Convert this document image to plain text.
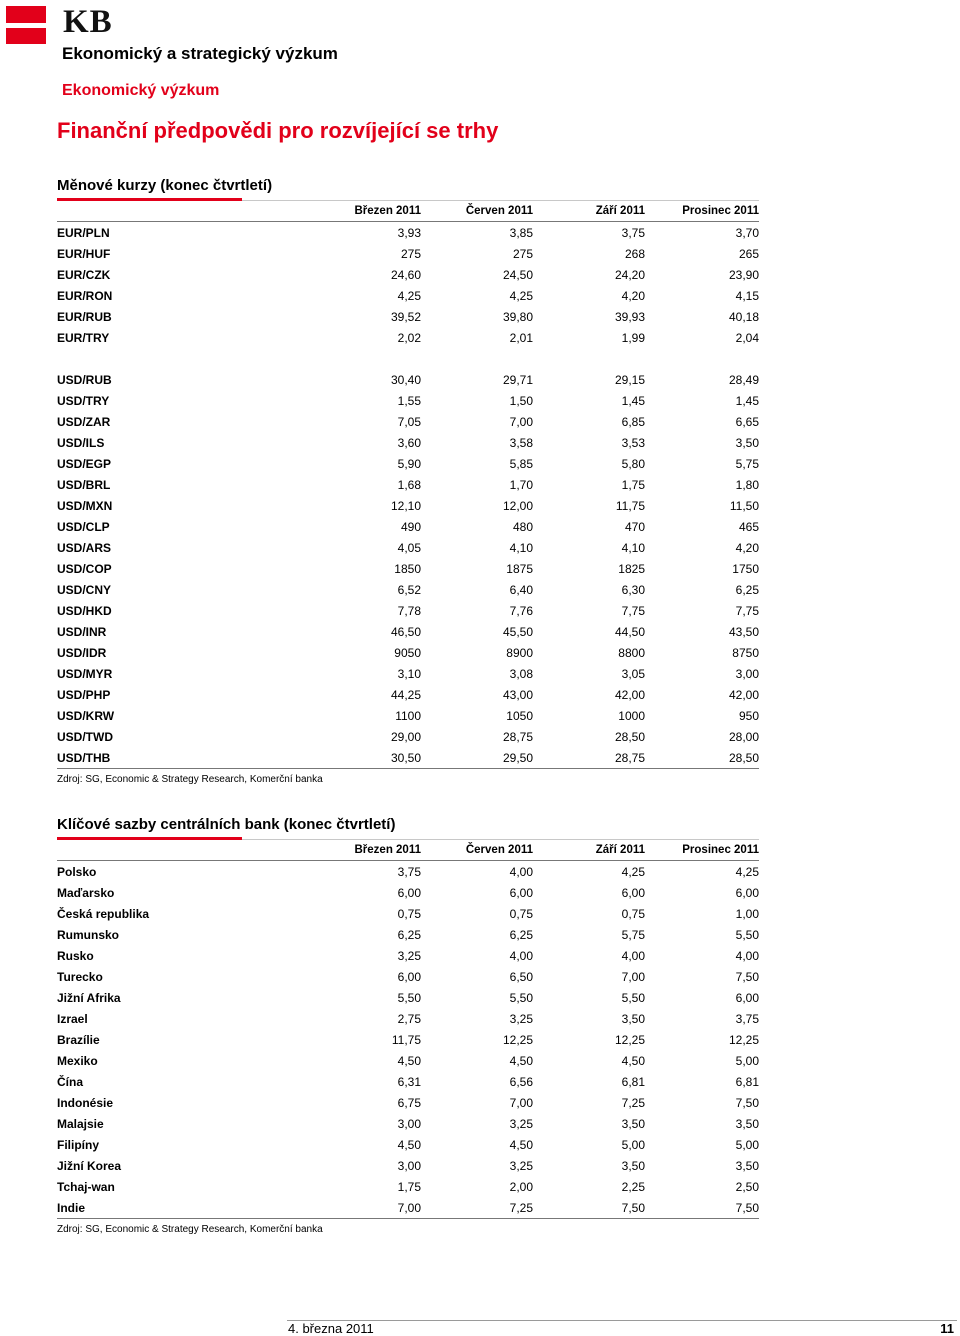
KB
Ekonomický a strategický výzkum
Ekonomický výzkum
Finanční předpovědi pro rozvíjející se trhy
Měnové kurzy (konec čtvrtletí)
	Březen 2011	Červen 2011	Září 2011	Prosinec 2011
EUR/PLN	3,93	3,85	3,75	3,70
EUR/HUF	275	275	268	265
EUR/CZK	24,60	24,50	24,20	23,90
EUR/RON	4,25	4,25	4,20	4,15
EUR/RUB	39,52	39,80	39,93	40,18
EUR/TRY	2,02	2,01	1,99	2,04

USD/RUB	30,40	29,71	29,15	28,49
USD/TRY	1,55	1,50	1,45	1,45
USD/ZAR	7,05	7,00	6,85	6,65
USD/ILS	3,60	3,58	3,53	3,50
USD/EGP	5,90	5,85	5,80	5,75
USD/BRL	1,68	1,70	1,75	1,80
USD/MXN	12,10	12,00	11,75	11,50
USD/CLP	490	480	470	465
USD/ARS	4,05	4,10	4,10	4,20
USD/COP	1850	1875	1825	1750
USD/CNY	6,52	6,40	6,30	6,25
USD/HKD	7,78	7,76	7,75	7,75
USD/INR	46,50	45,50	44,50	43,50
USD/IDR	9050	8900	8800	8750
USD/MYR	3,10	3,08	3,05	3,00
USD/PHP	44,25	43,00	42,00	42,00
USD/KRW	1100	1050	1000	950
USD/TWD	29,00	28,75	28,50	28,00
USD/THB	30,50	29,50	28,75	28,50
Zdroj: SG, Economic & Strategy Research, Komerční banka
Klíčové sazby centrálních bank (konec čtvrtletí)
	Březen 2011	Červen 2011	Září 2011	Prosinec 2011
Polsko	3,75	4,00	4,25	4,25
Maďarsko	6,00	6,00	6,00	6,00
Česká republika	0,75	0,75	0,75	1,00
Rumunsko	6,25	6,25	5,75	5,50
Rusko	3,25	4,00	4,00	4,00
Turecko	6,00	6,50	7,00	7,50
Jižní Afrika	5,50	5,50	5,50	6,00
Izrael	2,75	3,25	3,50	3,75
Brazílie	11,75	12,25	12,25	12,25
Mexiko	4,50	4,50	4,50	5,00
Čína	6,31	6,56	6,81	6,81
Indonésie	6,75	7,00	7,25	7,50
Malajsie	3,00	3,25	3,50	3,50
Filipíny	4,50	4,50	5,00	5,00
Jižní Korea	3,00	3,25	3,50	3,50
Tchaj-wan	1,75	2,00	2,25	2,50
Indie	7,00	7,25	7,50	7,50
Zdroj: SG, Economic & Strategy Research, Komerční banka
4. března 2011	11
